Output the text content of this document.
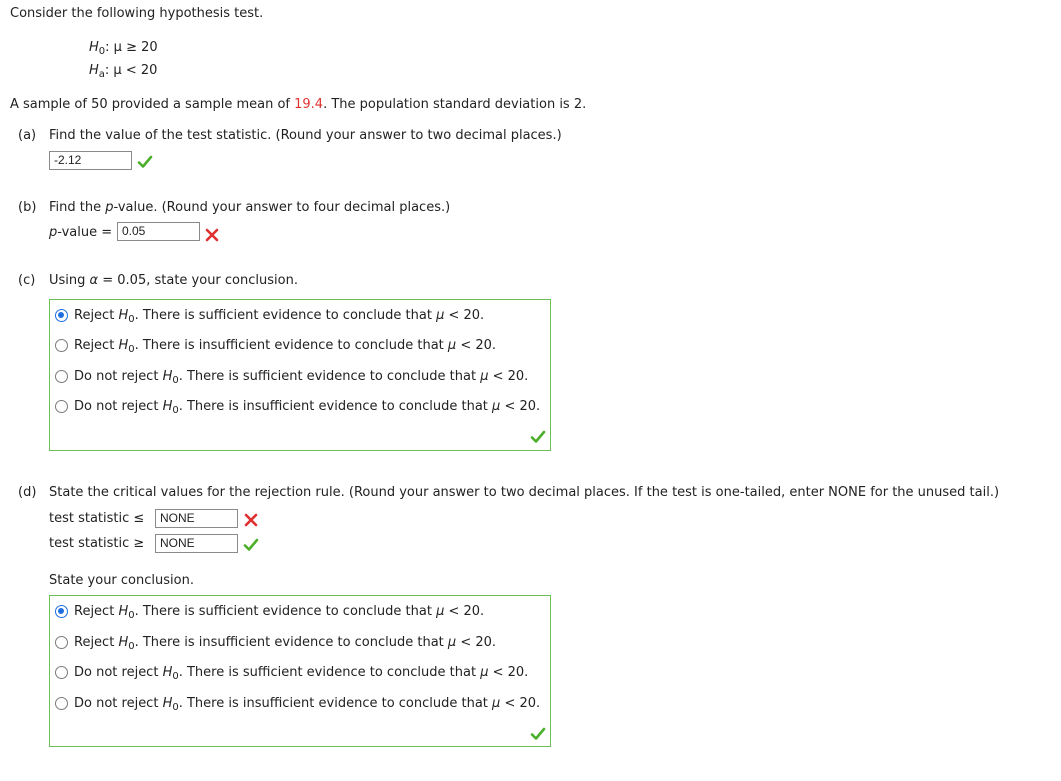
Consider the following hypothesis test.
$H_0$: μ ≥ 20
$H_a$: μ < 20
A sample of 50 provided a sample mean of 19.4. The population standard deviation is 2.
(a) Find the value of the test statistic. (Round your answer to two decimal places.)
-2.12
(b) Find the p-value. (Round your answer to four decimal places.)
p-value = 0.05
(c) Using α = 0.05, state your conclusion.
Reject $H_0$. There is sufficient evidence to conclude that μ < 20.
Reject $H_0$. There is insufficient evidence to conclude that μ < 20.
Do not reject $H_0$. There is sufficient evidence to conclude that μ < 20.
Do not reject $H_0$. There is insufficient evidence to conclude that μ < 20.
(d) State the critical values for the rejection rule. (Round your answer to two decimal places. If the test is one-tailed, enter NONE for the unused tail.)
test statistic ≤	NONE
test statistic ≥	NONE
State your conclusion.
Reject $H_0$. There is sufficient evidence to conclude that μ < 20.
Reject $H_0$. There is insufficient evidence to conclude that μ < 20.
Do not reject $H_0$. There is sufficient evidence to conclude that μ < 20.
Do not reject $H_0$. There is insufficient evidence to conclude that μ < 20.
